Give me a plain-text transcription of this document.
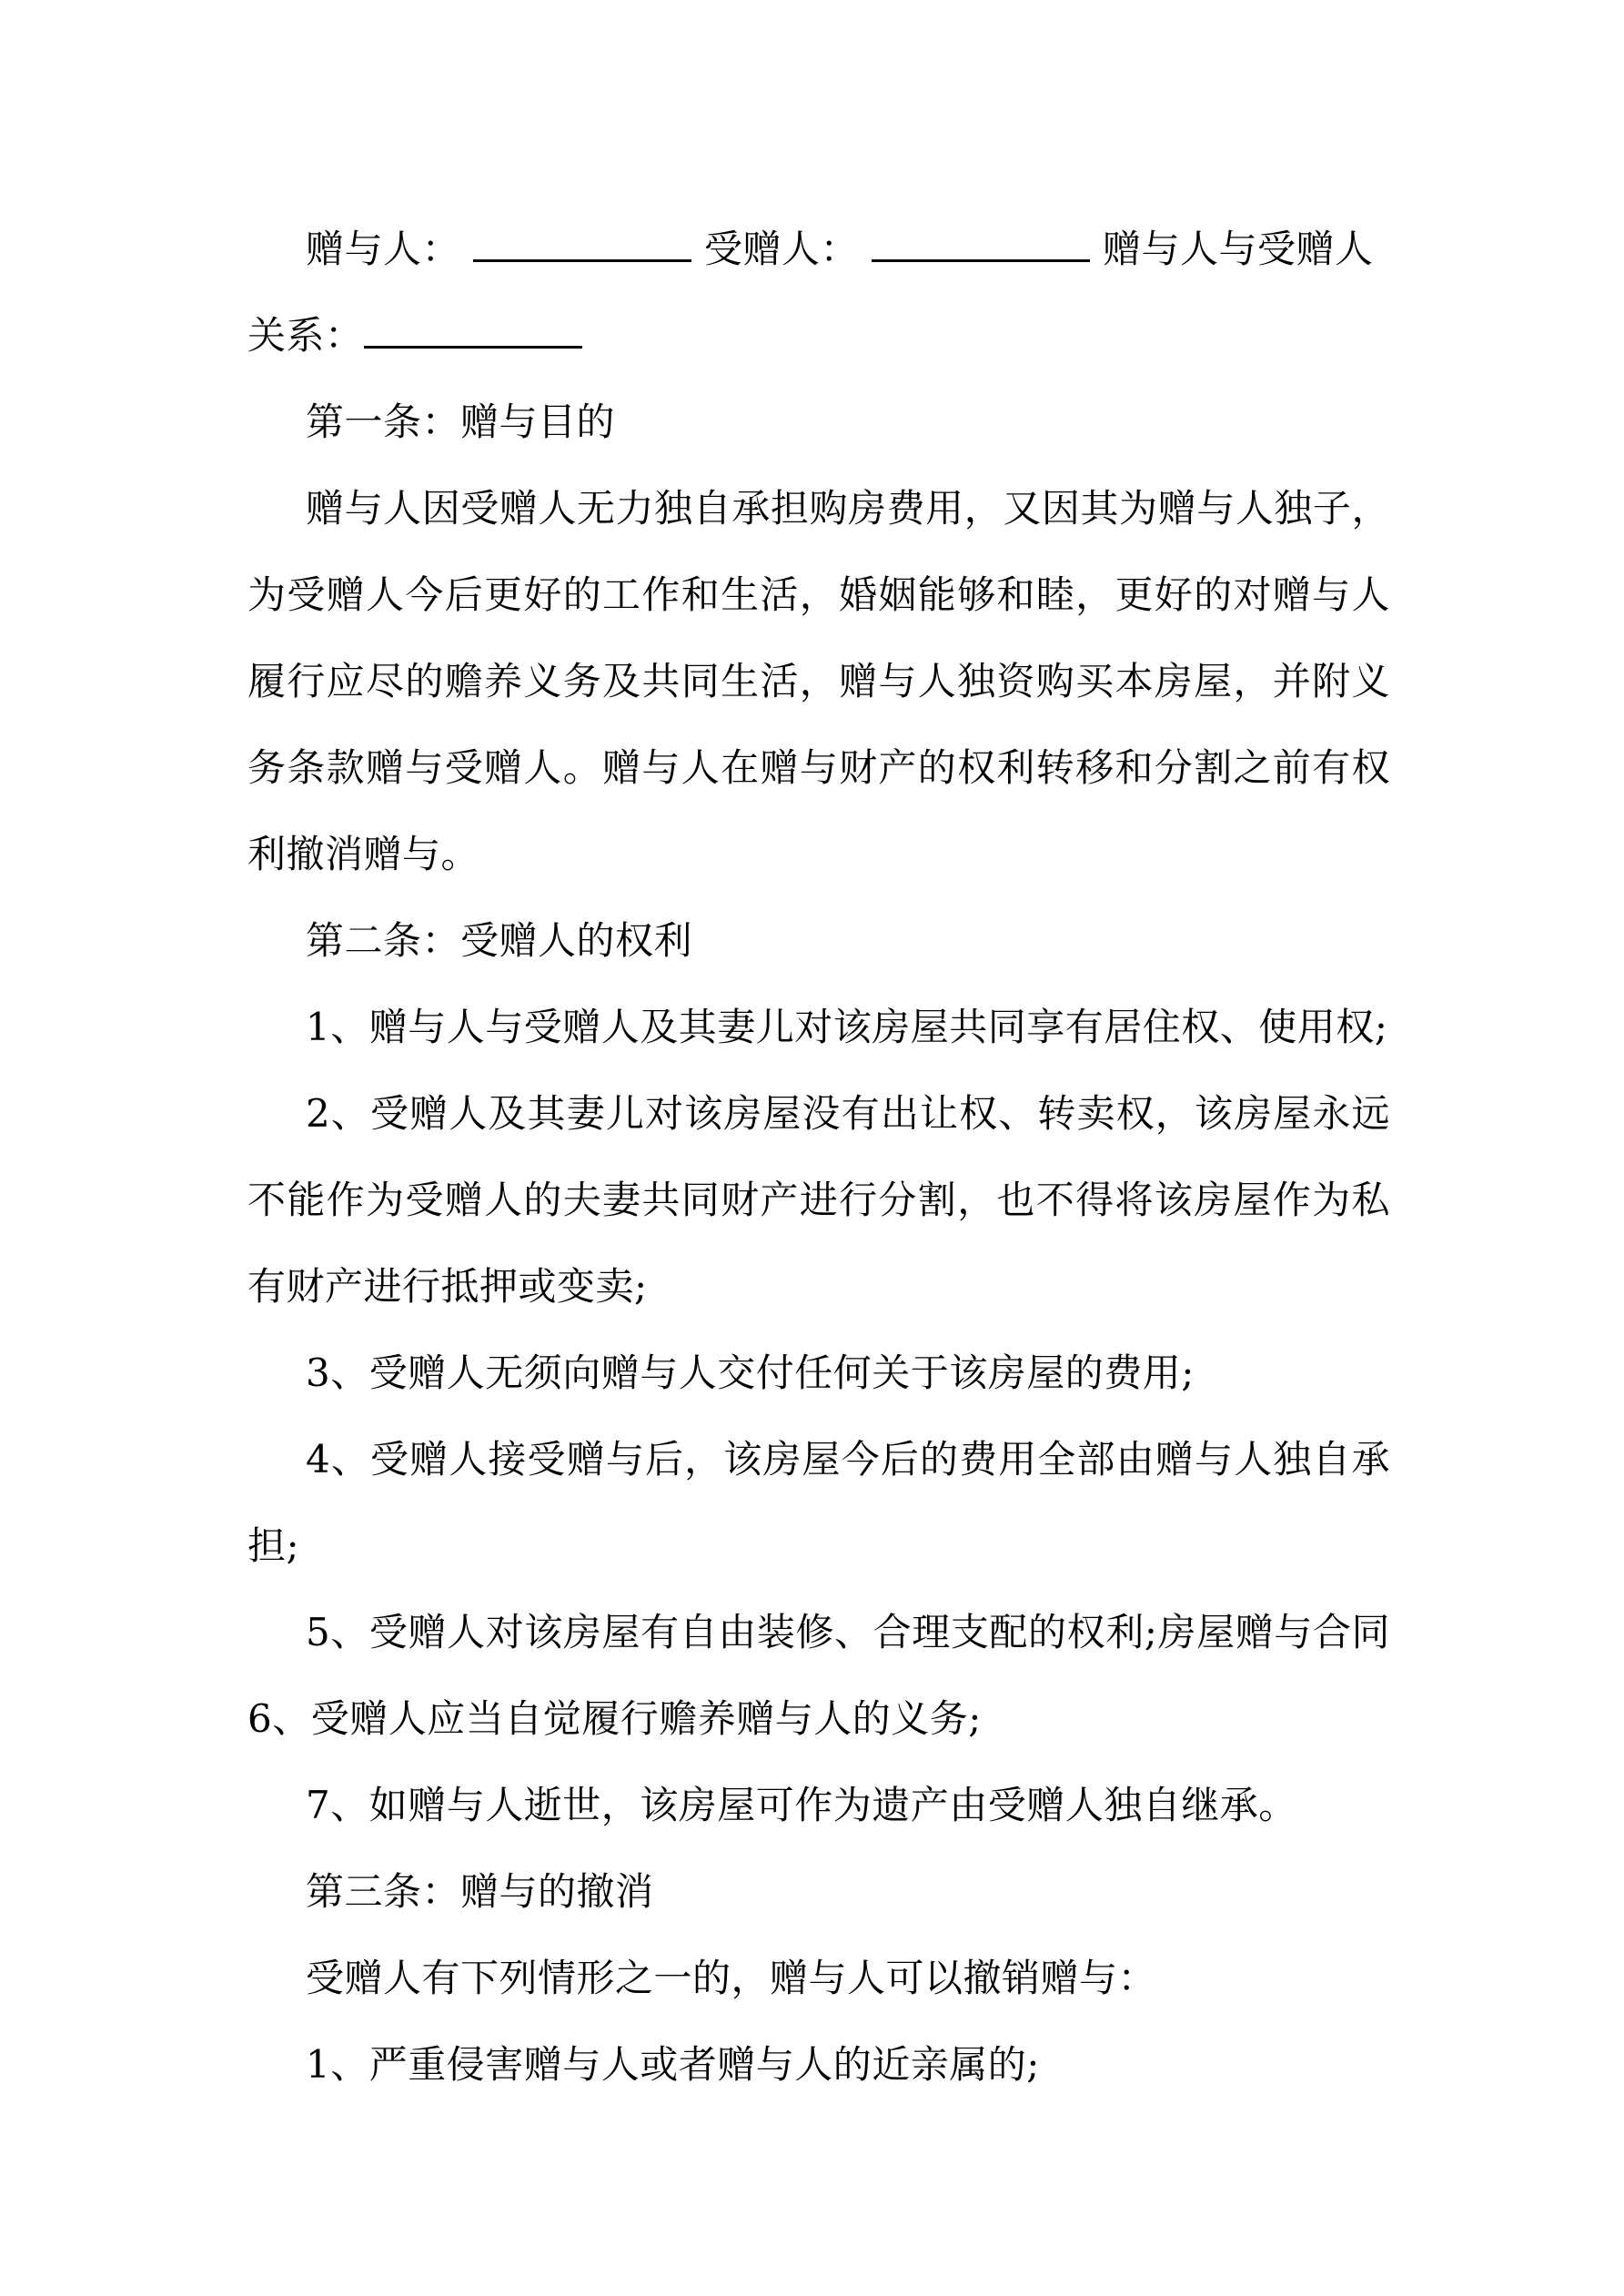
赠与人：	受赠人：	赠与人与受赠人
关系：
第一条：赠与目的
赠与人因受赠人无力独自承担购房费用，又因其为赠与人独子，为受赠人今后更好的工作和生活，婚姻能够和睦，更好的对赠与人履行应尽的赡养义务及共同生活，赠与人独资购买本房屋，并附义务条款赠与受赠人。赠与人在赠与财产的权利转移和分割之前有权利撤消赠与。
第二条：受赠人的权利
1、赠与人与受赠人及其妻儿对该房屋共同享有居住权、使用权;
2、受赠人及其妻儿对该房屋没有出让权、转卖权，该房屋永远不能作为受赠人的夫妻共同财产进行分割，也不得将该房屋作为私有财产进行抵押或变卖;
3、受赠人无须向赠与人交付任何关于该房屋的费用;
4、受赠人接受赠与后，该房屋今后的费用全部由赠与人独自承担;
5、受赠人对该房屋有自由装修、合理支配的权利;房屋赠与合同 6、受赠人应当自觉履行赡养赠与人的义务;
7、如赠与人逝世，该房屋可作为遗产由受赠人独自继承。
第三条：赠与的撤消
受赠人有下列情形之一的，赠与人可以撤销赠与：
1、严重侵害赠与人或者赠与人的近亲属的;
